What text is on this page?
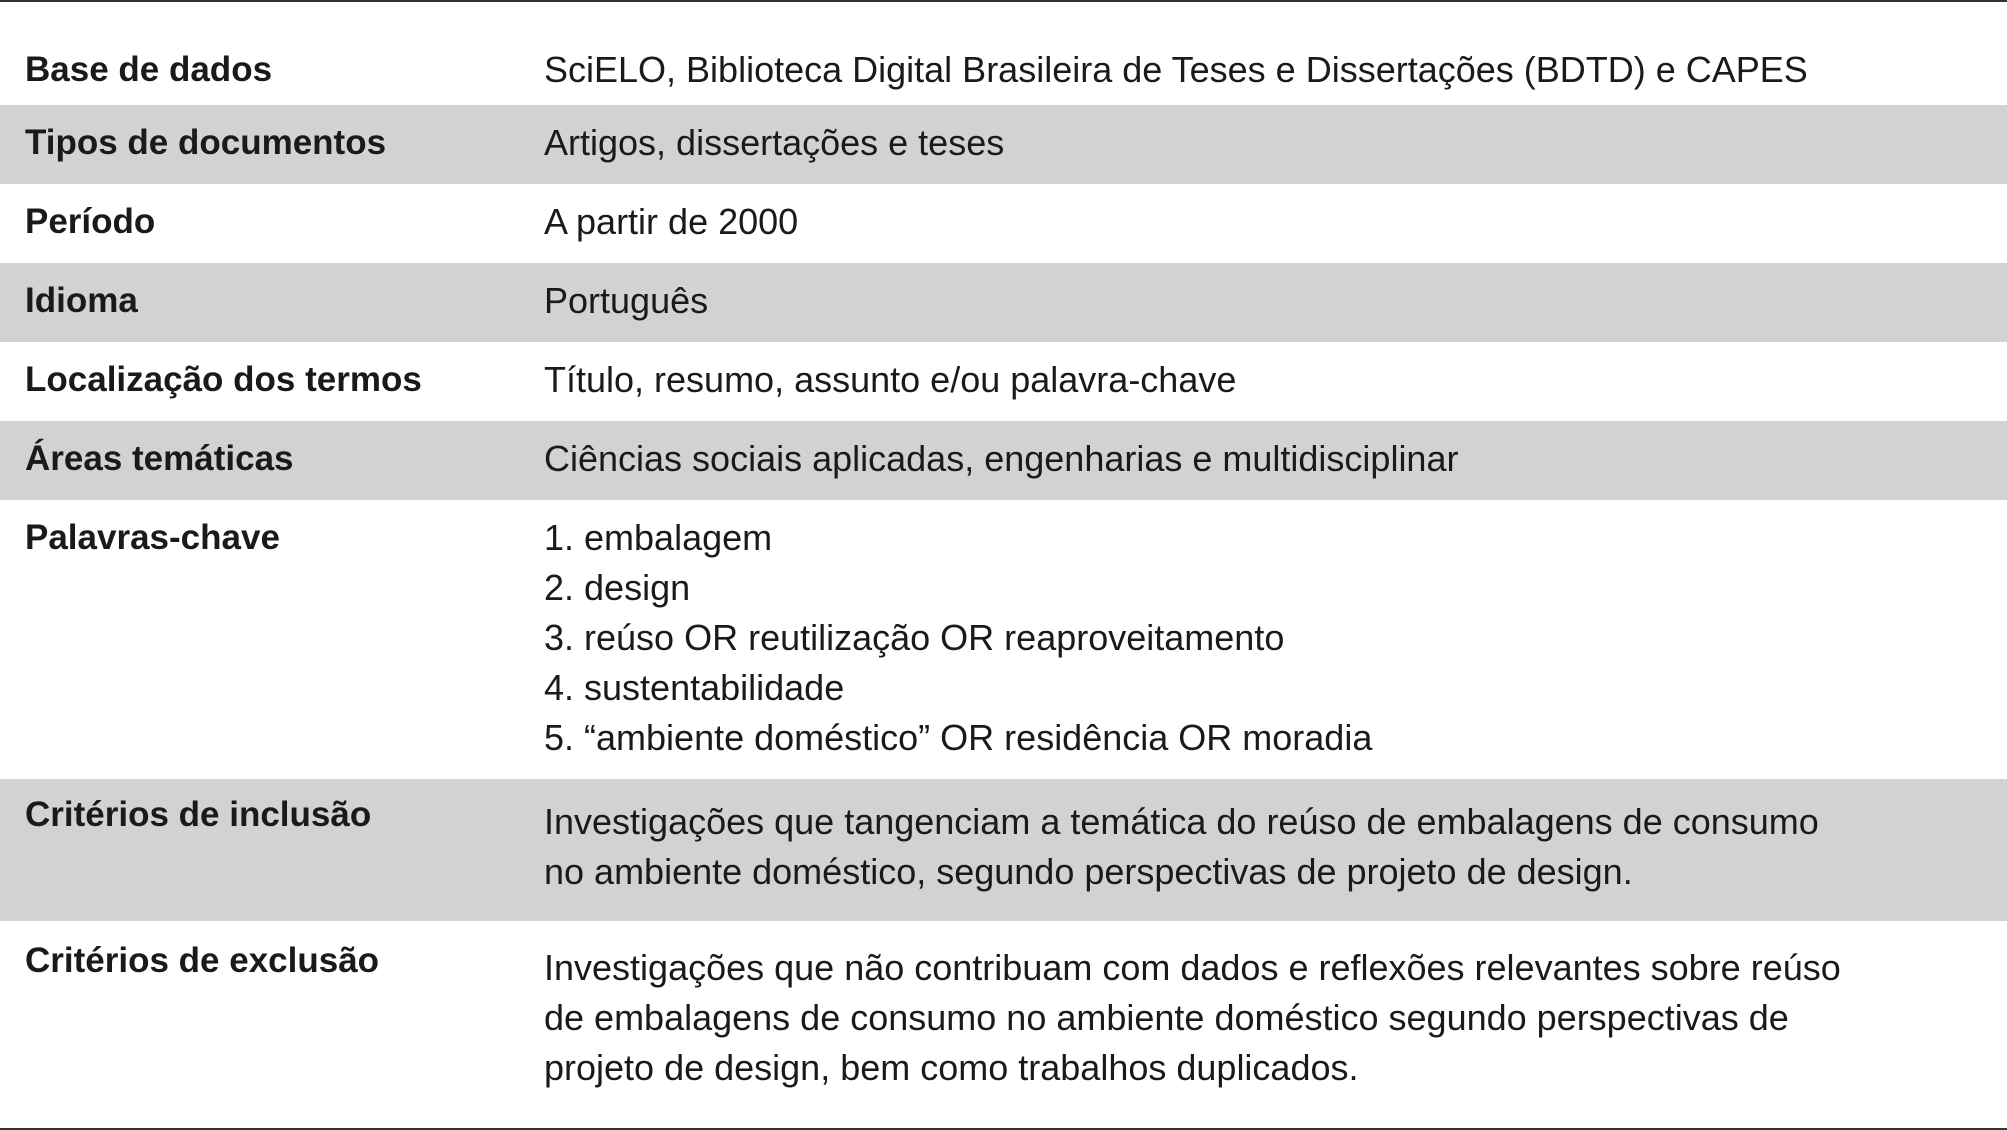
Base de dados	SciELO, Biblioteca Digital Brasileira de Teses e Dissertações (BDTD) e CAPES
Tipos de documentos	Artigos, dissertações e teses
Período	A partir de 2000
Idioma	Português
Localização dos termos	Título, resumo, assunto e/ou palavra-chave
Áreas temáticas	Ciências sociais aplicadas, engenharias e multidisciplinar
Palavras-chave	1. embalagem
2. design
3. reúso OR reutilização OR reaproveitamento
4. sustentabilidade
5. “ambiente doméstico” OR residência OR moradia
Critérios de inclusão	Investigações que tangenciam a temática do reúso de embalagens de consumo
no ambiente doméstico, segundo perspectivas de projeto de design.
Critérios de exclusão	Investigações que não contribuam com dados e reflexões relevantes sobre reúso
de embalagens de consumo no ambiente doméstico segundo perspectivas de
projeto de design, bem como trabalhos duplicados.
